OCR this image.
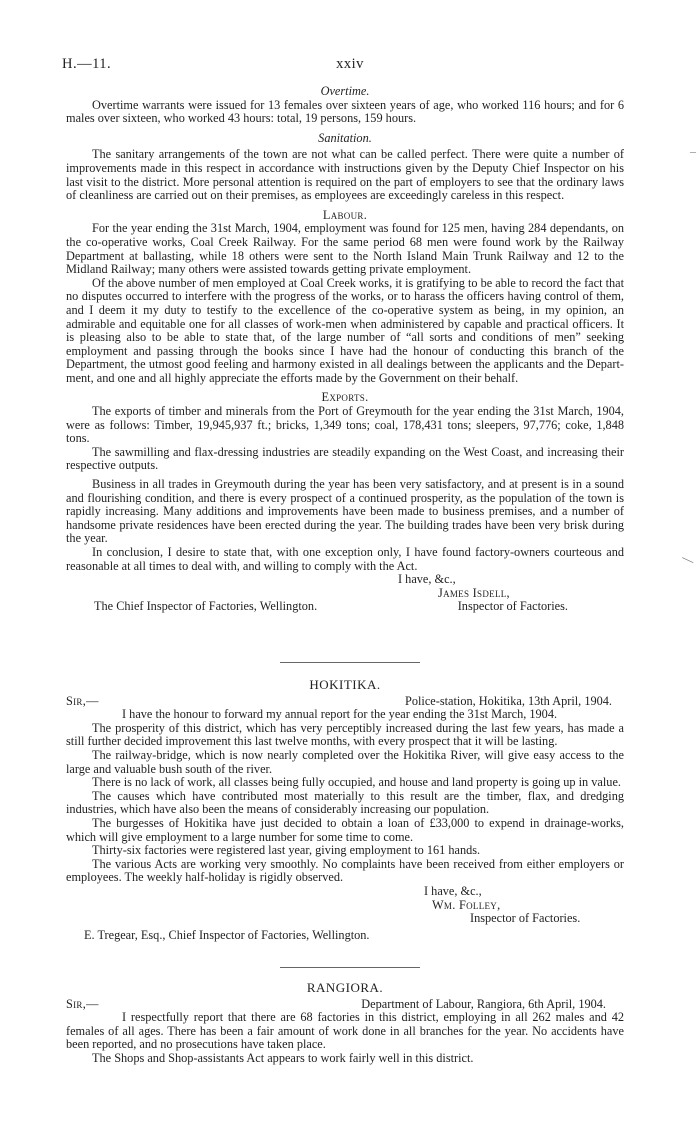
H.—11.	xxiv

Overtime.

Overtime warrants were issued for 13 females over sixteen years of age, who worked 116 hours; and for 6 males over sixteen, who worked 43 hours: total, 19 persons, 159 hours.

Sanitation.

The sanitary arrangements of the town are not what can be called perfect. There were quite a number of improvements made in this respect in accordance with instructions given by the Deputy Chief Inspector on his last visit to the district. More personal attention is required on the part of employers to see that the ordinary laws of cleanliness are carried out on their premises, as employees are exceedingly careless in this respect.

Labour.

For the year ending the 31st March, 1904, employment was found for 125 men, having 284 dependants, on the co-operative works, Coal Creek Railway. For the same period 68 men were found work by the Railway Department at ballasting, while 18 others were sent to the North Island Main Trunk Railway and 12 to the Midland Railway; many others were assisted towards getting private employment.

Of the above number of men employed at Coal Creek works, it is gratifying to be able to record the fact that no disputes occurred to interfere with the progress of the works, or to harass the officers having control of them, and I deem it my duty to testify to the excellence of the co-operative system as being, in my opinion, an admirable and equitable one for all classes of work-men when administered by capable and practical officers. It is pleasing also to be able to state that, of the large number of “all sorts and conditions of men” seeking employment and passing through the books since I have had the honour of conducting this branch of the Department, the utmost good feeling and harmony existed in all dealings between the applicants and the Depart-ment, and one and all highly appreciate the efforts made by the Government on their behalf.

Exports.

The exports of timber and minerals from the Port of Greymouth for the year ending the 31st March, 1904, were as follows: Timber, 19,945,937 ft.; bricks, 1,349 tons; coal, 178,431 tons; sleepers, 97,776; coke, 1,848 tons.

The sawmilling and flax-dressing industries are steadily expanding on the West Coast, and increasing their respective outputs.

Business in all trades in Greymouth during the year has been very satisfactory, and at present is in a sound and flourishing condition, and there is every prospect of a continued prosperity, as the population of the town is rapidly increasing. Many additions and improvements have been made to business premises, and a number of handsome private residences have been erected during the year. The building trades have been very brisk during the year.

In conclusion, I desire to state that, with one exception only, I have found factory-owners courteous and reasonable at all times to deal with, and willing to comply with the Act.

I have, &c.,

James Isdell,

The Chief Inspector of Factories, Wellington.	Inspector of Factories.
HOKITIKA.
Sir,—	Police-station, Hokitika, 13th April, 1904.

I have the honour to forward my annual report for the year ending the 31st March, 1904.

The prosperity of this district, which has very perceptibly increased during the last few years, has made a still further decided improvement this last twelve months, with every prospect that it will be lasting.

The railway-bridge, which is now nearly completed over the Hokitika River, will give easy access to the large and valuable bush south of the river.

There is no lack of work, all classes being fully occupied, and house and land property is going up in value.

The causes which have contributed most materially to this result are the timber, flax, and dredging industries, which have also been the means of considerably increasing our population.

The burgesses of Hokitika have just decided to obtain a loan of £33,000 to expend in drainage-works, which will give employment to a large number for some time to come.

Thirty-six factories were registered last year, giving employment to 161 hands.

The various Acts are working very smoothly. No complaints have been received from either employers or employees. The weekly half-holiday is rigidly observed.

I have, &c.,

Wm. Folley,

Inspector of Factories.

E. Tregear, Esq., Chief Inspector of Factories, Wellington.

RANGIORA.
Sir,—	Department of Labour, Rangiora, 6th April, 1904.

I respectfully report that there are 68 factories in this district, employing in all 262 males and 42 females of all ages. There has been a fair amount of work done in all branches for the year. No accidents have been reported, and no prosecutions have taken place.

The Shops and Shop-assistants Act appears to work fairly well in this district.

–
—
